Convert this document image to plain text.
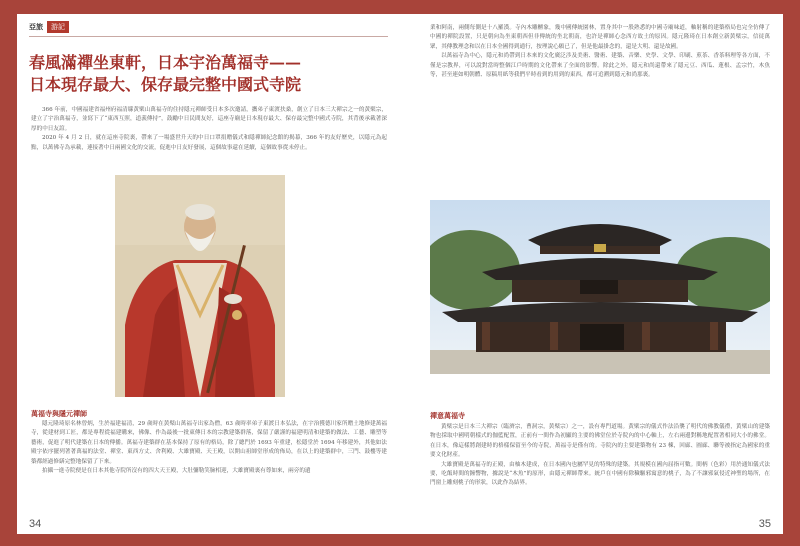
亞旅	游記
春風滿禪坐東軒，日本宇治萬福寺——
日本現存最大、保存最完整中國式寺院

366 年前，中國福建省福州府福清縣黃檗山萬福寺的住持隱元禪師受日本多次邀請，攜弟子東渡扶桑，創立了日本三大禪宗之一的黃檗宗，建立了宇治萬福寺，並寫下了“東西互照，道義傳持”，鼓勵中日民間友好，這座寺廟是日本現存最大、保存最完整中國式寺院，其背後承載著深厚的中日友誼。

2020 年 4 月 2 日，就在這座寺院裏，帶來了一場盛世升天的中日口罩捐贈儀式和隱禪師紀念館的揭幕，366 年的友好歷史，以隱元為起點，以萬佛寺為承載，連接著中日兩國文化的交流，促進中日友好發展，這個故事還在延續，這個故事從未停止。

萬福寺與隱元禪師

隱元隆琦原名林曾炳，生於福建福清，29 歲時在黃檗山萬福寺出家為僧，63 歲時率弟子東渡日本弘法，在宇治獲德川家所贈土地修建萬福寺，從建材到工匠，都是專程從福建購來，佛像、作為最後一批東傳日本的宗教建築群落，保留了嚴謹的福建明清和建築的做法、工藝、雕塑等藝術，促進了明代建築在日本的傳播。萬福寺建築群在基本保持了原有的格局，除了總門於 1693 年重建，松隱堂於 1694 年移建外，其他如法殿字依序擺列著著萬福的法堂、禪堂、東西方丈、舍利殿、大雄寶殿、天王殿，以開山祖師堂形成的佈局，在以上的建築群中，三門、鼓樓等建築都經過修繕完整地保留了下來。

拍攝一進寺院便是在日本其他寺院所沒有的四大天王殿，大肚彌勒笑臉相迎，大雄寶殿裏有尊如來，兩旁的遺

34

業和阿南，兩側每側是十八羅漢。寺內木雕櫃象，幾中國傳統園林，置身其中一股熟悉的中國寺廟味道，軸射稱的建築格局也完全仿傳了中國的禪院設置，只是朝向為坐東朝西但非傳統的坐北朝南，也許是禪師心念西方故土的原因。隱元隆琦在日本創立新黃檗宗，信徒萬眾，其傳教理念和以在日本全國得到通行，按理說心願已了，但是他最掛念的，還是大明、還是故國。

以萬福寺為中心，隱元和尚帶到日本來的文化廣泛涉及美術、醫術、建築、音樂、史學、文學、印刷、煎茶、香茶料理等各方面，不僅是宗教界，可以說對當時整個江戶時期的文化帶來了全面的影響。除此之外，隱元和尚還帶來了隱元豆、西瓜、蓮根、孟宗竹，木魚等，甚至連如明朝體、原稿用紙等我們平時看到的用到的東西，都可追溯到隱元和尚那裏。

禪意萬福寺

黃檗宗是日本三大禪宗（臨濟宗，曹洞宗，黃檗宗）之一，設有專門道場。黃檗宗的儀式作法沿襲了明代的佛教儀禮，黃檗山的建築物也採取中國明朝樣式的伽藍配置，正前有一間作為初顯的主要的佛堂位於寺院內的中心軸上，左右兩邊對稱地配置著相同大小的佛堂。在日本，像這樣將創建時的格樣保留至今的寺院，萬福寺是僅有的。寺院內的主要建築物有 23 棟，回廊、圓廊、聯等被指定為國家的重要文化財產。

大雄寶殿是萬福寺的正殿，由柚木建成，在日本國內也屬罕見的特殊的建築。其規模在國內屈指可數。間柄（色彩）用於通知儀式法要，吃飯時間的鐘響物，據說是“木魚”的原形，由隱元禪師帶來。統戶在中國有除穢驅邪寓意的桃子，為了不讓邪氣侵近神聖的場所，在門窗上雕刻桃子的形狀，以此作為結界。

35
